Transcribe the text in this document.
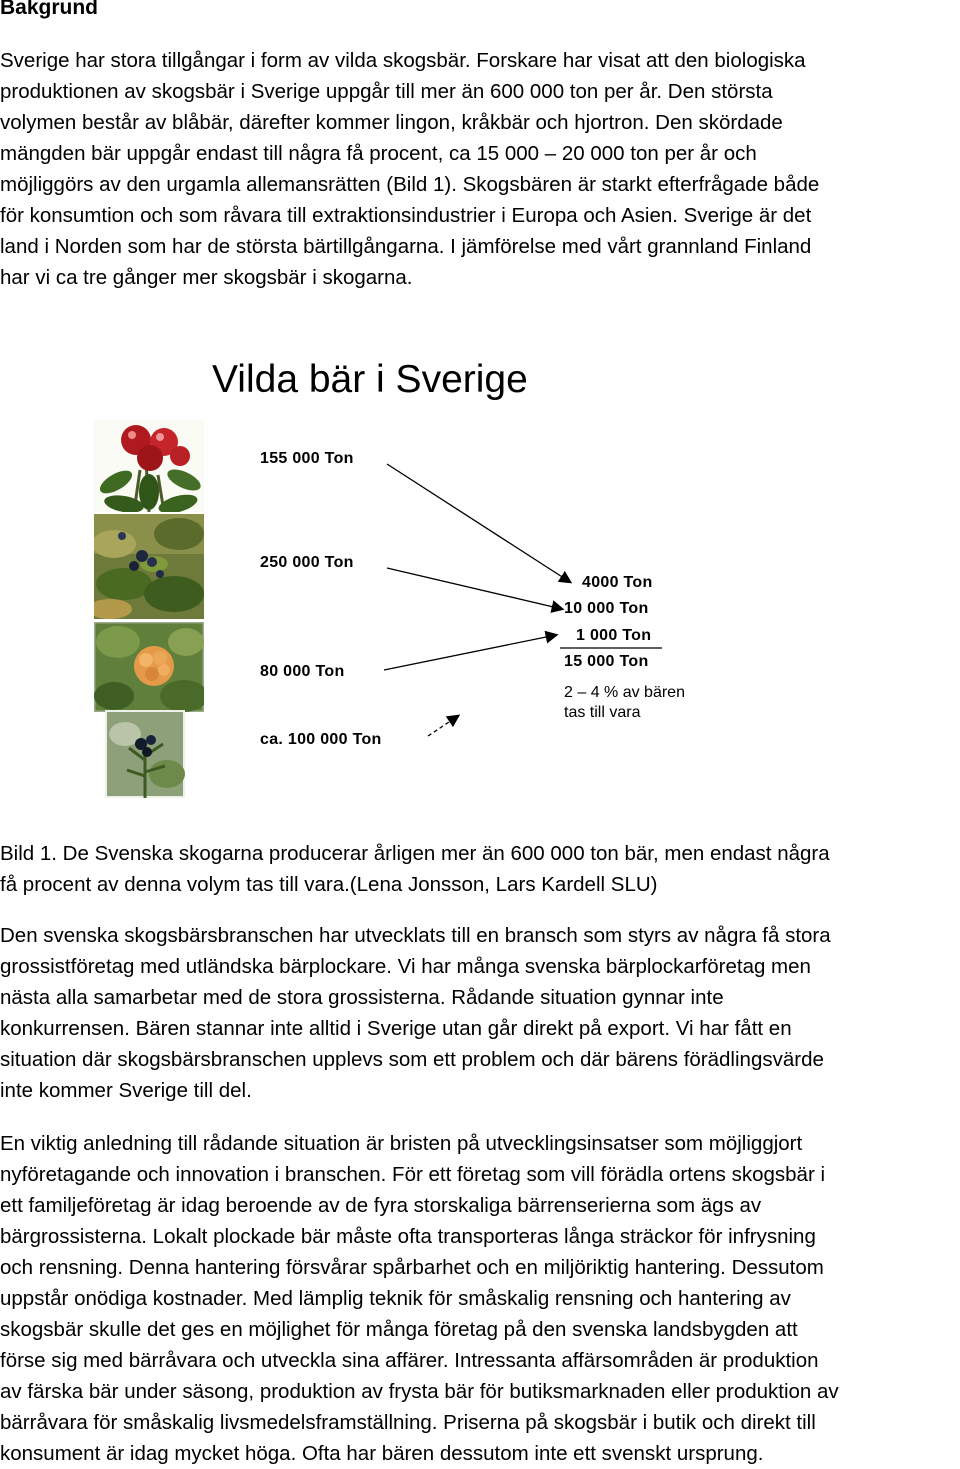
Bakgrund
Sverige har stora tillgångar i form av vilda skogsbär. Forskare har visat att den biologiska
produktionen av skogsbär i Sverige uppgår till mer än 600 000 ton per år. Den största
volymen består av blåbär, därefter kommer lingon, kråkbär och hjortron. Den skördade
mängden bär uppgår endast till några få procent, ca 15 000 – 20 000 ton per år och
möjliggörs av den urgamla allemansrätten (Bild 1). Skogsbären är starkt efterfrågade både
för konsumtion och som råvara till extraktionsindustrier i Europa och Asien. Sverige är det
land i Norden som har de största bärtillgångarna. I jämförelse med vårt grannland Finland
har vi ca tre gånger mer skogsbär i skogarna.
Vilda bär i Sverige
155 000 Ton
250 000 Ton
80 000 Ton
ca. 100 000 Ton
4000 Ton
10 000 Ton
1 000 Ton
15 000 Ton
2 – 4 % av bären
tas till vara
Bild 1. De Svenska skogarna producerar årligen mer än 600 000 ton bär, men endast några
få procent av denna volym tas till vara.(Lena Jonsson, Lars Kardell SLU)
Den svenska skogsbärsbranschen har utvecklats till en bransch som styrs av några få stora
grossistföretag med utländska bärplockare. Vi har många svenska bärplockarföretag men
nästa alla samarbetar med de stora grossisterna. Rådande situation gynnar inte
konkurrensen. Bären stannar inte alltid i Sverige utan går direkt på export. Vi har fått en
situation där skogsbärsbranschen upplevs som ett problem och där bärens förädlingsvärde
inte kommer Sverige till del.
En viktig anledning till rådande situation är bristen på utvecklingsinsatser som möjliggjort
nyföretagande och innovation i branschen. För ett företag som vill förädla ortens skogsbär i
ett familjeföretag är idag beroende av de fyra storskaliga bärrenserierna som ägs av
bärgrossisterna. Lokalt plockade bär måste ofta transporteras långa sträckor för infrysning
och rensning. Denna hantering försvårar spårbarhet och en miljöriktig hantering. Dessutom
uppstår onödiga kostnader. Med lämplig teknik för småskalig rensning och hantering av
skogsbär skulle det ges en möjlighet för många företag på den svenska landsbygden att
förse sig med bärråvara och utveckla sina affärer. Intressanta affärsområden är produktion
av färska bär under säsong, produktion av frysta bär för butiksmarknaden eller produktion av
bärråvara för småskalig livsmedelsframställning. Priserna på skogsbär i butik och direkt till
konsument är idag mycket höga. Ofta har bären dessutom inte ett svenskt ursprung.
